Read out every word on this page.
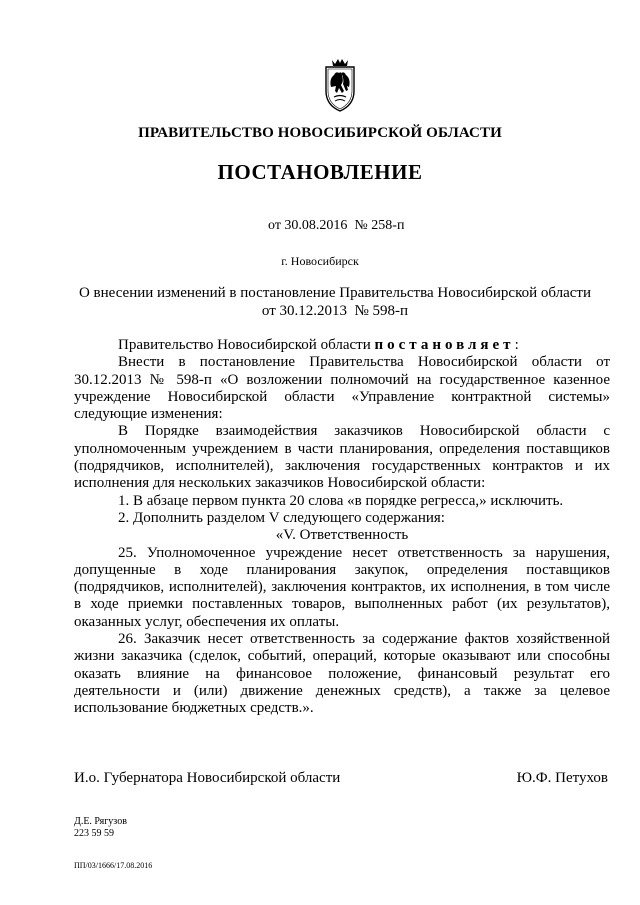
ПРАВИТЕЛЬСТВО НОВОСИБИРСКОЙ ОБЛАСТИ
ПОСТАНОВЛЕНИЕ
от 30.08.2016  № 258-п
г. Новосибирск
О внесении изменений в постановление Правительства Новосибирской области
от 30.12.2013  № 598-п
Правительство Новосибирской области постановляет:
Внести в постановление Правительства Новосибирской области от 30.12.2013 № 598-п «О возложении полномочий на государственное казенное учреждение Новосибирской области «Управление контрактной системы» следующие изменения:
В Порядке взаимодействия заказчиков Новосибирской области с уполномоченным учреждением в части планирования, определения поставщиков (подрядчиков, исполнителей), заключения государственных контрактов и их исполнения для нескольких заказчиков Новосибирской области:
1. В абзаце первом пункта 20 слова «в порядке регресса,» исключить.
2. Дополнить разделом V следующего содержания:
«V. Ответственность
25. Уполномоченное учреждение несет ответственность за нарушения, допущенные в ходе планирования закупок, определения поставщиков (подрядчиков, исполнителей), заключения контрактов, их исполнения, в том числе в ходе приемки поставленных товаров, выполненных работ (их результатов), оказанных услуг, обеспечения их оплаты.
26. Заказчик несет ответственность за содержание фактов хозяйственной жизни заказчика (сделок, событий, операций, которые оказывают или способны оказать влияние на финансовое положение, финансовый результат его деятельности и (или) движение денежных средств), а также за целевое использование бюджетных средств.».
И.о. Губернатора Новосибирской области	Ю.Ф. Петухов
Д.Е. Рягузов
223 59 59
ПП/03/1666/17.08.2016
